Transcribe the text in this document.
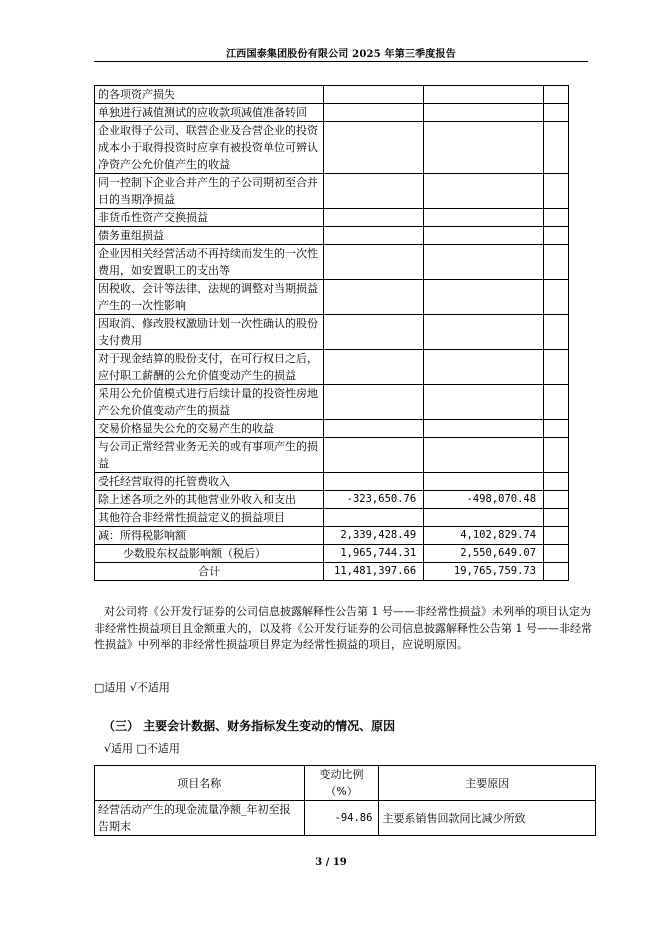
江西国泰集团股份有限公司 2025 年第三季度报告
的各项资产损失			
单独进行减值测试的应收款项减值准备转回			
企业取得子公司、联营企业及合营企业的投资成本小于取得投资时应享有被投资单位可辨认净资产公允价值产生的收益			
同一控制下企业合并产生的子公司期初至合并日的当期净损益			
非货币性资产交换损益			
债务重组损益			
企业因相关经营活动不再持续而发生的一次性费用，如安置职工的支出等			
因税收、会计等法律、法规的调整对当期损益产生的一次性影响			
因取消、修改股权激励计划一次性确认的股份支付费用			
对于现金结算的股份支付，在可行权日之后，应付职工薪酬的公允价值变动产生的损益			
采用公允价值模式进行后续计量的投资性房地产公允价值变动产生的损益			
交易价格显失公允的交易产生的收益			
与公司正常经营业务无关的或有事项产生的损益			
受托经营取得的托管费收入			
除上述各项之外的其他营业外收入和支出	-323,650.76	-498,070.48	
其他符合非经常性损益定义的损益项目			
减：所得税影响额	2,339,428.49	4,102,829.74	
少数股东权益影响额（税后）	1,965,744.31	2,550,649.07	
合计	11,481,397.66	19,765,759.73	

对公司将《公开发行证券的公司信息披露解释性公告第 1 号——非经常性损益》未列举的项目认定为非经常性损益项目且金额重大的，以及将《公开发行证券的公司信息披露解释性公告第 1 号——非经常性损益》中列举的非经常性损益项目界定为经常性损益的项目，应说明原因。

□适用 √不适用
（三） 主要会计数据、财务指标发生变动的情况、原因
√适用 □不适用
项目名称	变动比例（%）	主要原因
经营活动产生的现金流量净额_年初至报告期末	-94.86	主要系销售回款同比减少所致
3 / 19
